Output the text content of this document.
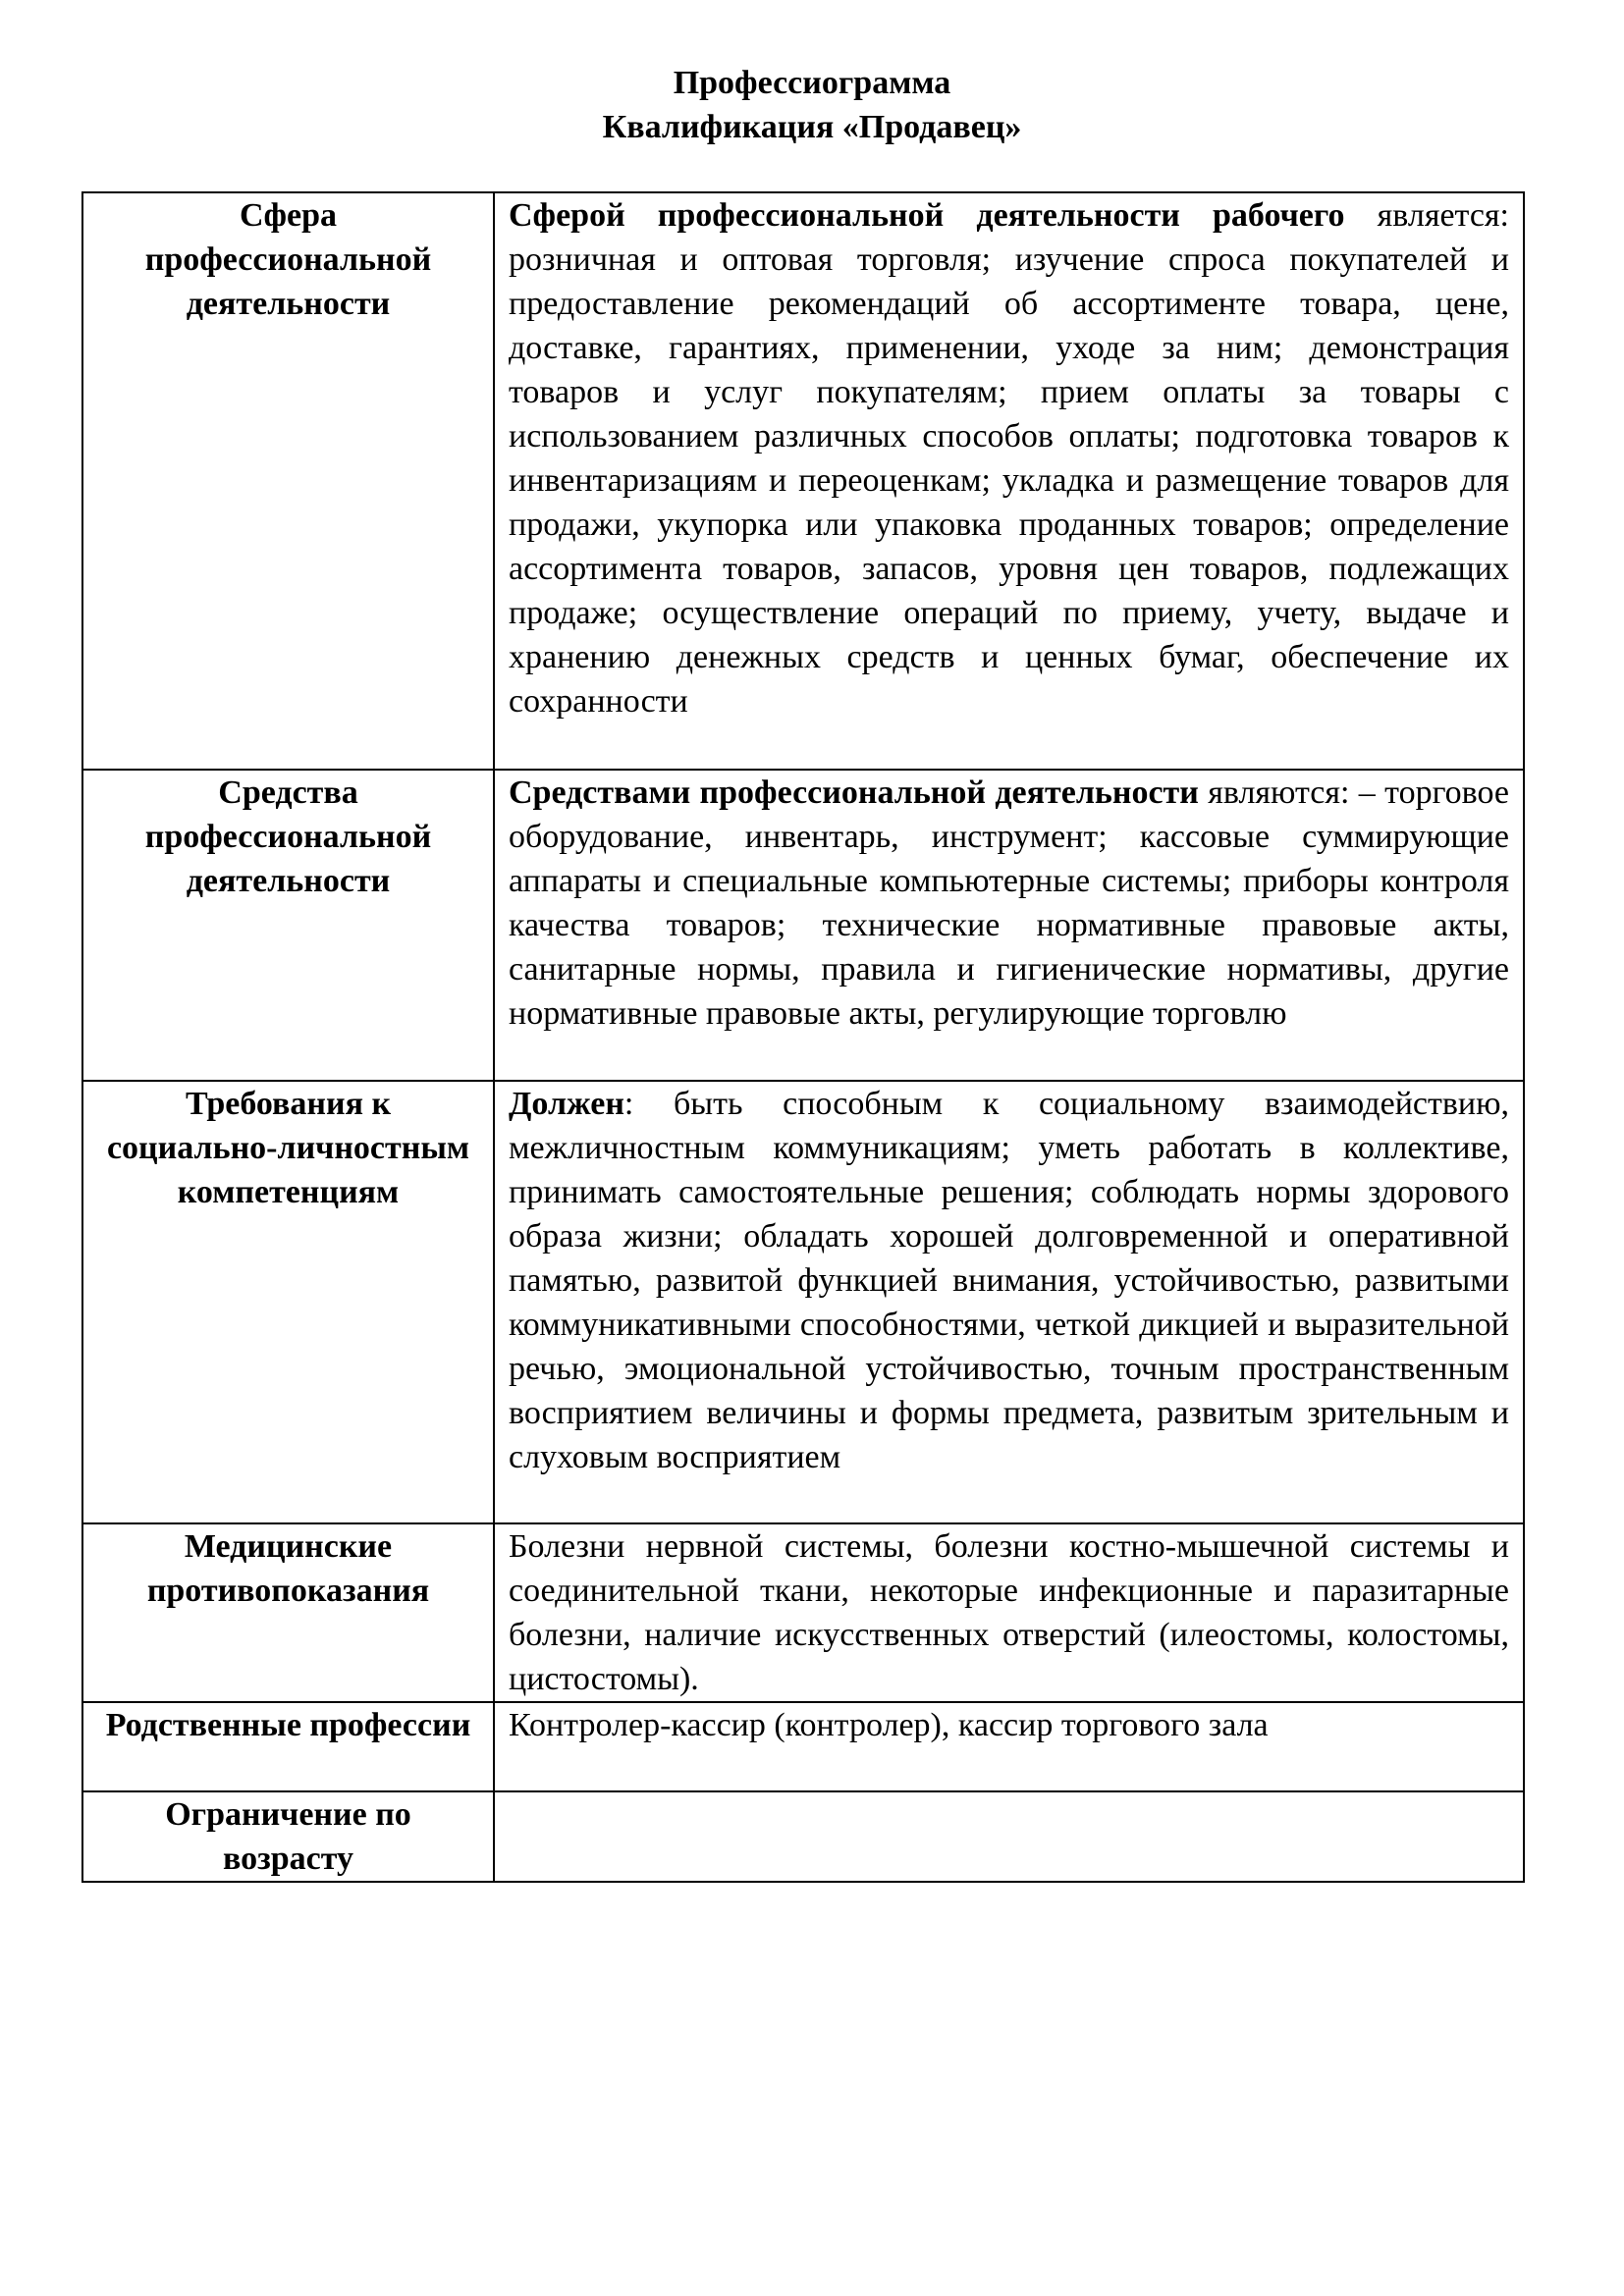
Профессиограмма
Квалификация «Продавец»
Сфера профессиональной деятельности	Сферой профессиональной деятельности рабочего является: розничная и оптовая торговля; изучение спроса покупателей и предоставление рекомендаций об ассортименте товара, цене, доставке, гарантиях, применении, уходе за ним; демонстрация товаров и услуг покупателям; прием оплаты за товары с использованием различных способов оплаты; подготовка товаров к инвентаризациям и переоценкам; укладка и размещение товаров для продажи, укупорка или упаковка проданных товаров; определение ассортимента товаров, запасов, уровня цен товаров, подлежащих продаже; осуществление операций по приему, учету, выдаче и хранению денежных средств и ценных бумаг, обеспечение их сохранности
Средства профессиональной деятельности	Средствами профессиональной деятельности являются: – торговое оборудование, инвентарь, инструмент; кассовые суммирующие аппараты и специальные компьютерные системы; приборы контроля качества товаров; технические нормативные правовые акты, санитарные нормы, правила и гигиенические нормативы, другие нормативные правовые акты, регулирующие торговлю
Требования к социально-личностным компетенциям	Должен: быть способным к социальному взаимодействию, межличностным коммуникациям; уметь работать в коллективе, принимать самостоятельные решения; соблюдать нормы здорового образа жизни; обладать хорошей долговременной и оперативной памятью, развитой функцией внимания, устойчивостью, развитыми коммуникативными способностями, четкой дикцией и выразительной речью, эмоциональной устойчивостью, точным пространственным восприятием величины и формы предмета, развитым зрительным и слуховым восприятием
Медицинские противопоказания	Болезни нервной системы, болезни костно-мышечной системы и соединительной ткани, некоторые инфекционные и паразитарные болезни, наличие искусственных отверстий (илеостомы, колостомы, цистостомы).
Родственные профессии	Контролер-кассир (контролер), кассир торгового зала
Ограничение по возрасту	
